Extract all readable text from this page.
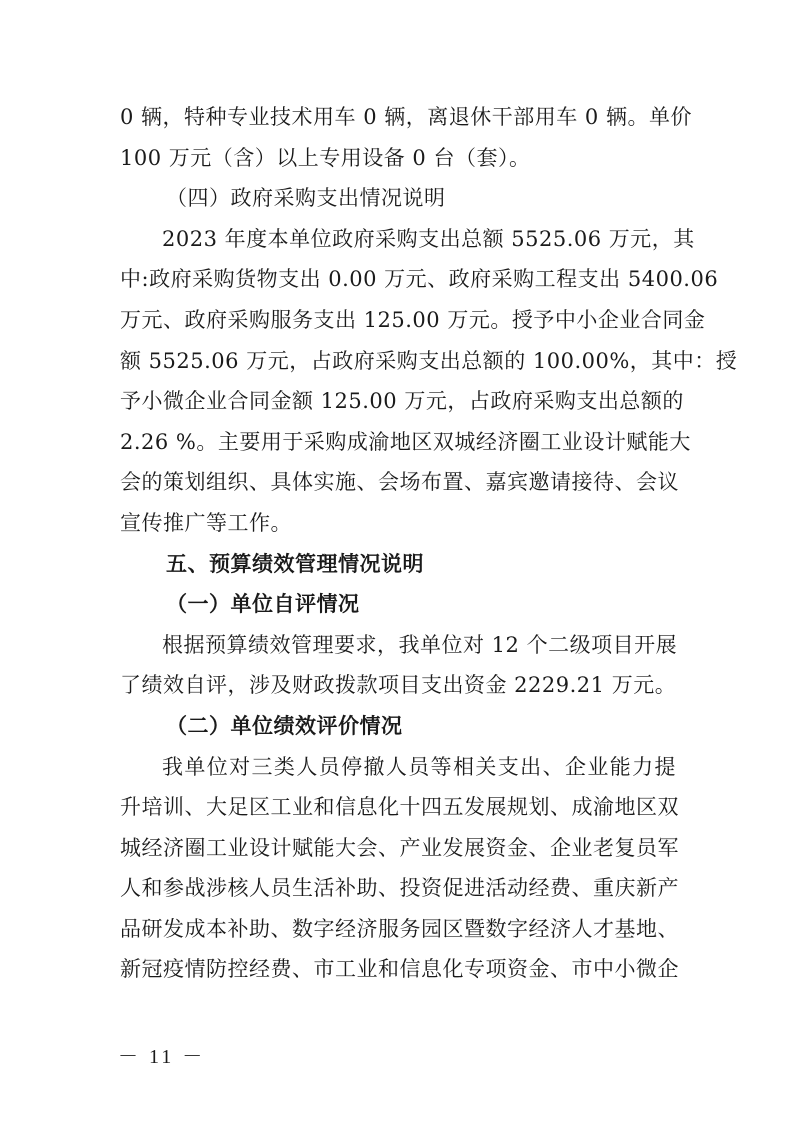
0 辆，特种专业技术用车 0 辆，离退休干部用车 0 辆。单价
100 万元（含）以上专用设备 0 台（套）。
（四）政府采购支出情况说明
2023 年度本单位政府采购支出总额 5525.06 万元，其
中:政府采购货物支出 0.00 万元、政府采购工程支出 5400.06
万元、政府采购服务支出 125.00 万元。授予中小企业合同金
额 5525.06 万元，占政府采购支出总额的 100.00%，其中：授
予小微企业合同金额 125.00 万元，占政府采购支出总额的
2.26 %。主要用于采购成渝地区双城经济圈工业设计赋能大
会的策划组织、具体实施、会场布置、嘉宾邀请接待、会议
宣传推广等工作。
五、预算绩效管理情况说明
（一）单位自评情况
根据预算绩效管理要求，我单位对 12 个二级项目开展
了绩效自评，涉及财政拨款项目支出资金 2229.21 万元。
（二）单位绩效评价情况
我单位对三类人员停撤人员等相关支出、企业能力提
升培训、大足区工业和信息化十四五发展规划、成渝地区双
城经济圈工业设计赋能大会、产业发展资金、企业老复员军
人和参战涉核人员生活补助、投资促进活动经费、重庆新产
品研发成本补助、数字经济服务园区暨数字经济人才基地、
新冠疫情防控经费、市工业和信息化专项资金、市中小微企
－ 11 －
